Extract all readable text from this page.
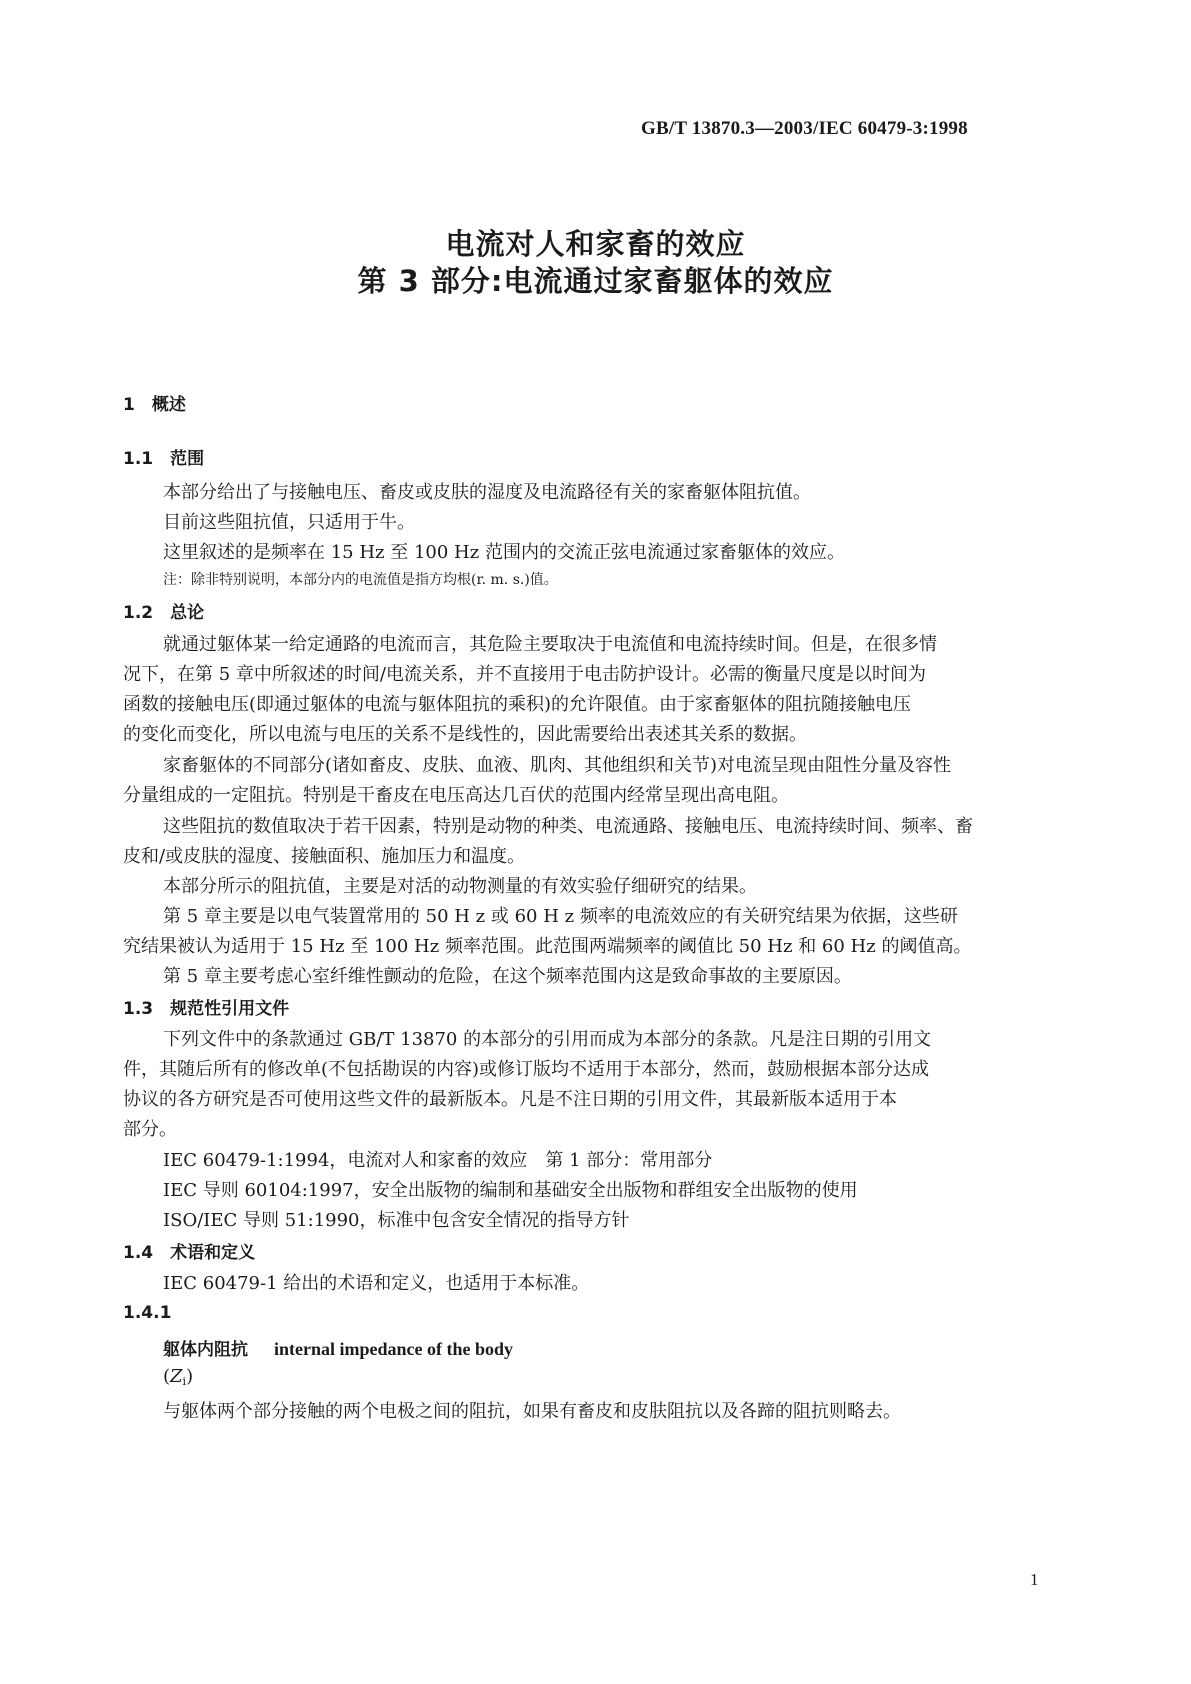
GB/T 13870.3—2003/IEC 60479-3:1998
电流对人和家畜的效应
第 3 部分:电流通过家畜躯体的效应
1　概述
1.1　范围
本部分给出了与接触电压、畜皮或皮肤的湿度及电流路径有关的家畜躯体阻抗值。
目前这些阻抗值，只适用于牛。
这里叙述的是频率在 15 Hz 至 100 Hz 范围内的交流正弦电流通过家畜躯体的效应。
注：除非特别说明，本部分内的电流值是指方均根(r. m. s.)值。
1.2　总论
就通过躯体某一给定通路的电流而言，其危险主要取决于电流值和电流持续时间。但是，在很多情
况下，在第 5 章中所叙述的时间/电流关系，并不直接用于电击防护设计。必需的衡量尺度是以时间为
函数的接触电压(即通过躯体的电流与躯体阻抗的乘积)的允许限值。由于家畜躯体的阻抗随接触电压
的变化而变化，所以电流与电压的关系不是线性的，因此需要给出表述其关系的数据。
家畜躯体的不同部分(诸如畜皮、皮肤、血液、肌肉、其他组织和关节)对电流呈现由阻性分量及容性
分量组成的一定阻抗。特别是干畜皮在电压高达几百伏的范围内经常呈现出高电阻。
这些阻抗的数值取决于若干因素，特别是动物的种类、电流通路、接触电压、电流持续时间、频率、畜
皮和/或皮肤的湿度、接触面积、施加压力和温度。
本部分所示的阻抗值，主要是对活的动物测量的有效实验仔细研究的结果。
第 5 章主要是以电气装置常用的 50 H z 或 60 H z 频率的电流效应的有关研究结果为依据，这些研
究结果被认为适用于 15 Hz 至 100 Hz 频率范围。此范围两端频率的阈值比 50 Hz 和 60 Hz 的阈值高。
第 5 章主要考虑心室纤维性颤动的危险，在这个频率范围内这是致命事故的主要原因。
1.3　规范性引用文件
下列文件中的条款通过 GB/T 13870 的本部分的引用而成为本部分的条款。凡是注日期的引用文
件，其随后所有的修改单(不包括勘误的内容)或修订版均不适用于本部分，然而，鼓励根据本部分达成
协议的各方研究是否可使用这些文件的最新版本。凡是不注日期的引用文件，其最新版本适用于本
部分。
IEC 60479-1:1994，电流对人和家畜的效应　第 1 部分：常用部分
IEC 导则 60104:1997，安全出版物的编制和基础安全出版物和群组安全出版物的使用
ISO/IEC 导则 51:1990，标准中包含安全情况的指导方针
1.4　术语和定义
IEC 60479-1 给出的术语和定义，也适用于本标准。
1.4.1
躯体内阻抗 internal impedance of the body
$(Z_i)$
与躯体两个部分接触的两个电极之间的阻抗，如果有畜皮和皮肤阻抗以及各蹄的阻抗则略去。
1
